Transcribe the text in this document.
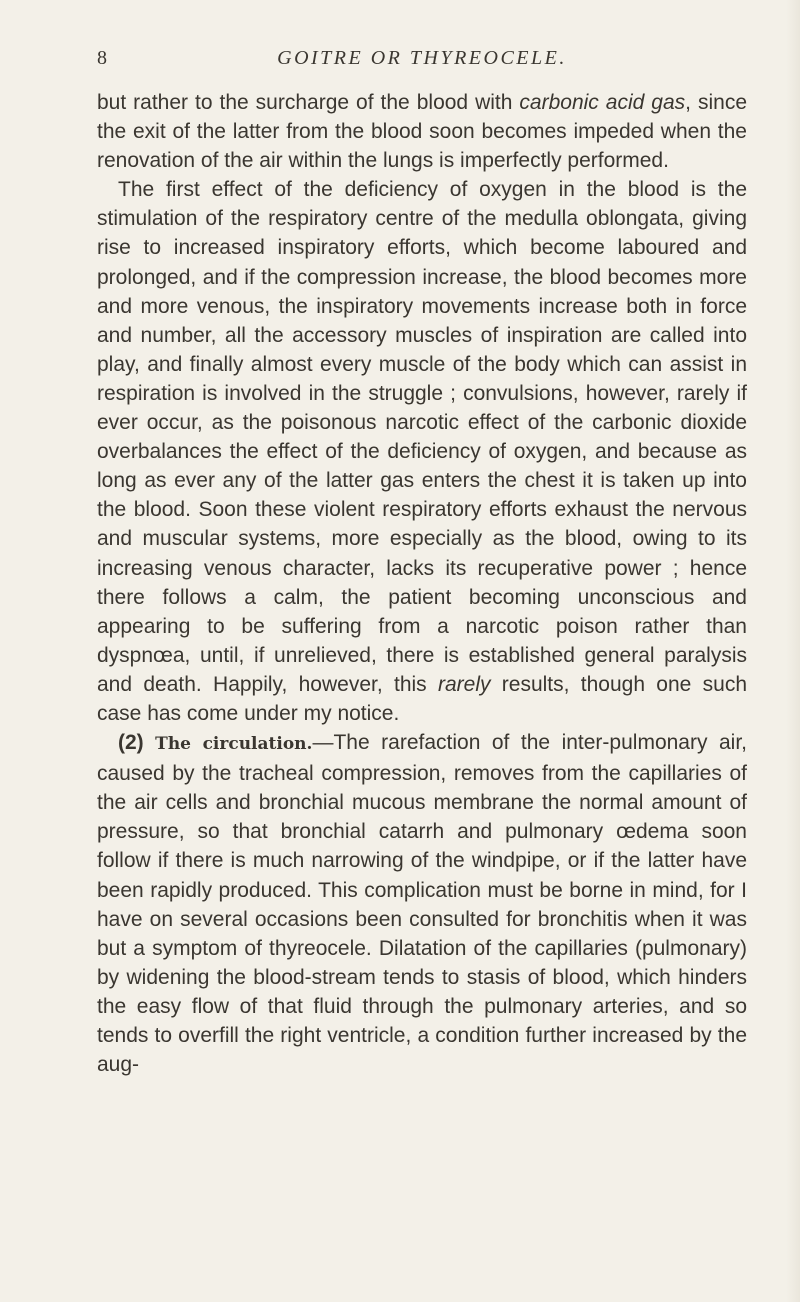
8	GOITRE OR THYREOCELE.

but rather to the surcharge of the blood with carbonic acid gas, since the exit of the latter from the blood soon becomes impeded when the renovation of the air within the lungs is imperfectly performed.

The first effect of the deficiency of oxygen in the blood is the stimulation of the respiratory centre of the medulla oblongata, giving rise to increased inspiratory efforts, which become laboured and prolonged, and if the compression increase, the blood becomes more and more venous, the inspiratory movements increase both in force and number, all the accessory muscles of inspiration are called into play, and finally almost every muscle of the body which can assist in respiration is involved in the struggle ; convulsions, however, rarely if ever occur, as the poisonous narcotic effect of the carbonic dioxide overbalances the effect of the deficiency of oxygen, and because as long as ever any of the latter gas enters the chest it is taken up into the blood. Soon these violent respiratory efforts exhaust the nervous and muscular systems, more especially as the blood, owing to its increasing venous character, lacks its recuperative power ; hence there follows a calm, the patient becoming unconscious and appearing to be suffering from a narcotic poison rather than dyspnœa, until, if unrelieved, there is established general paralysis and death. Happily, however, this rarely results, though one such case has come under my notice.

(2) The circulation.—The rarefaction of the inter-pulmonary air, caused by the tracheal compression, removes from the capillaries of the air cells and bronchial mucous membrane the normal amount of pressure, so that bronchial catarrh and pulmonary œdema soon follow if there is much narrowing of the windpipe, or if the latter have been rapidly produced. This complication must be borne in mind, for I have on several occasions been consulted for bronchitis when it was but a symptom of thyreocele. Dilatation of the capillaries (pulmonary) by widening the blood-stream tends to stasis of blood, which hinders the easy flow of that fluid through the pulmonary arteries, and so tends to overfill the right ventricle, a condition further increased by the aug-
